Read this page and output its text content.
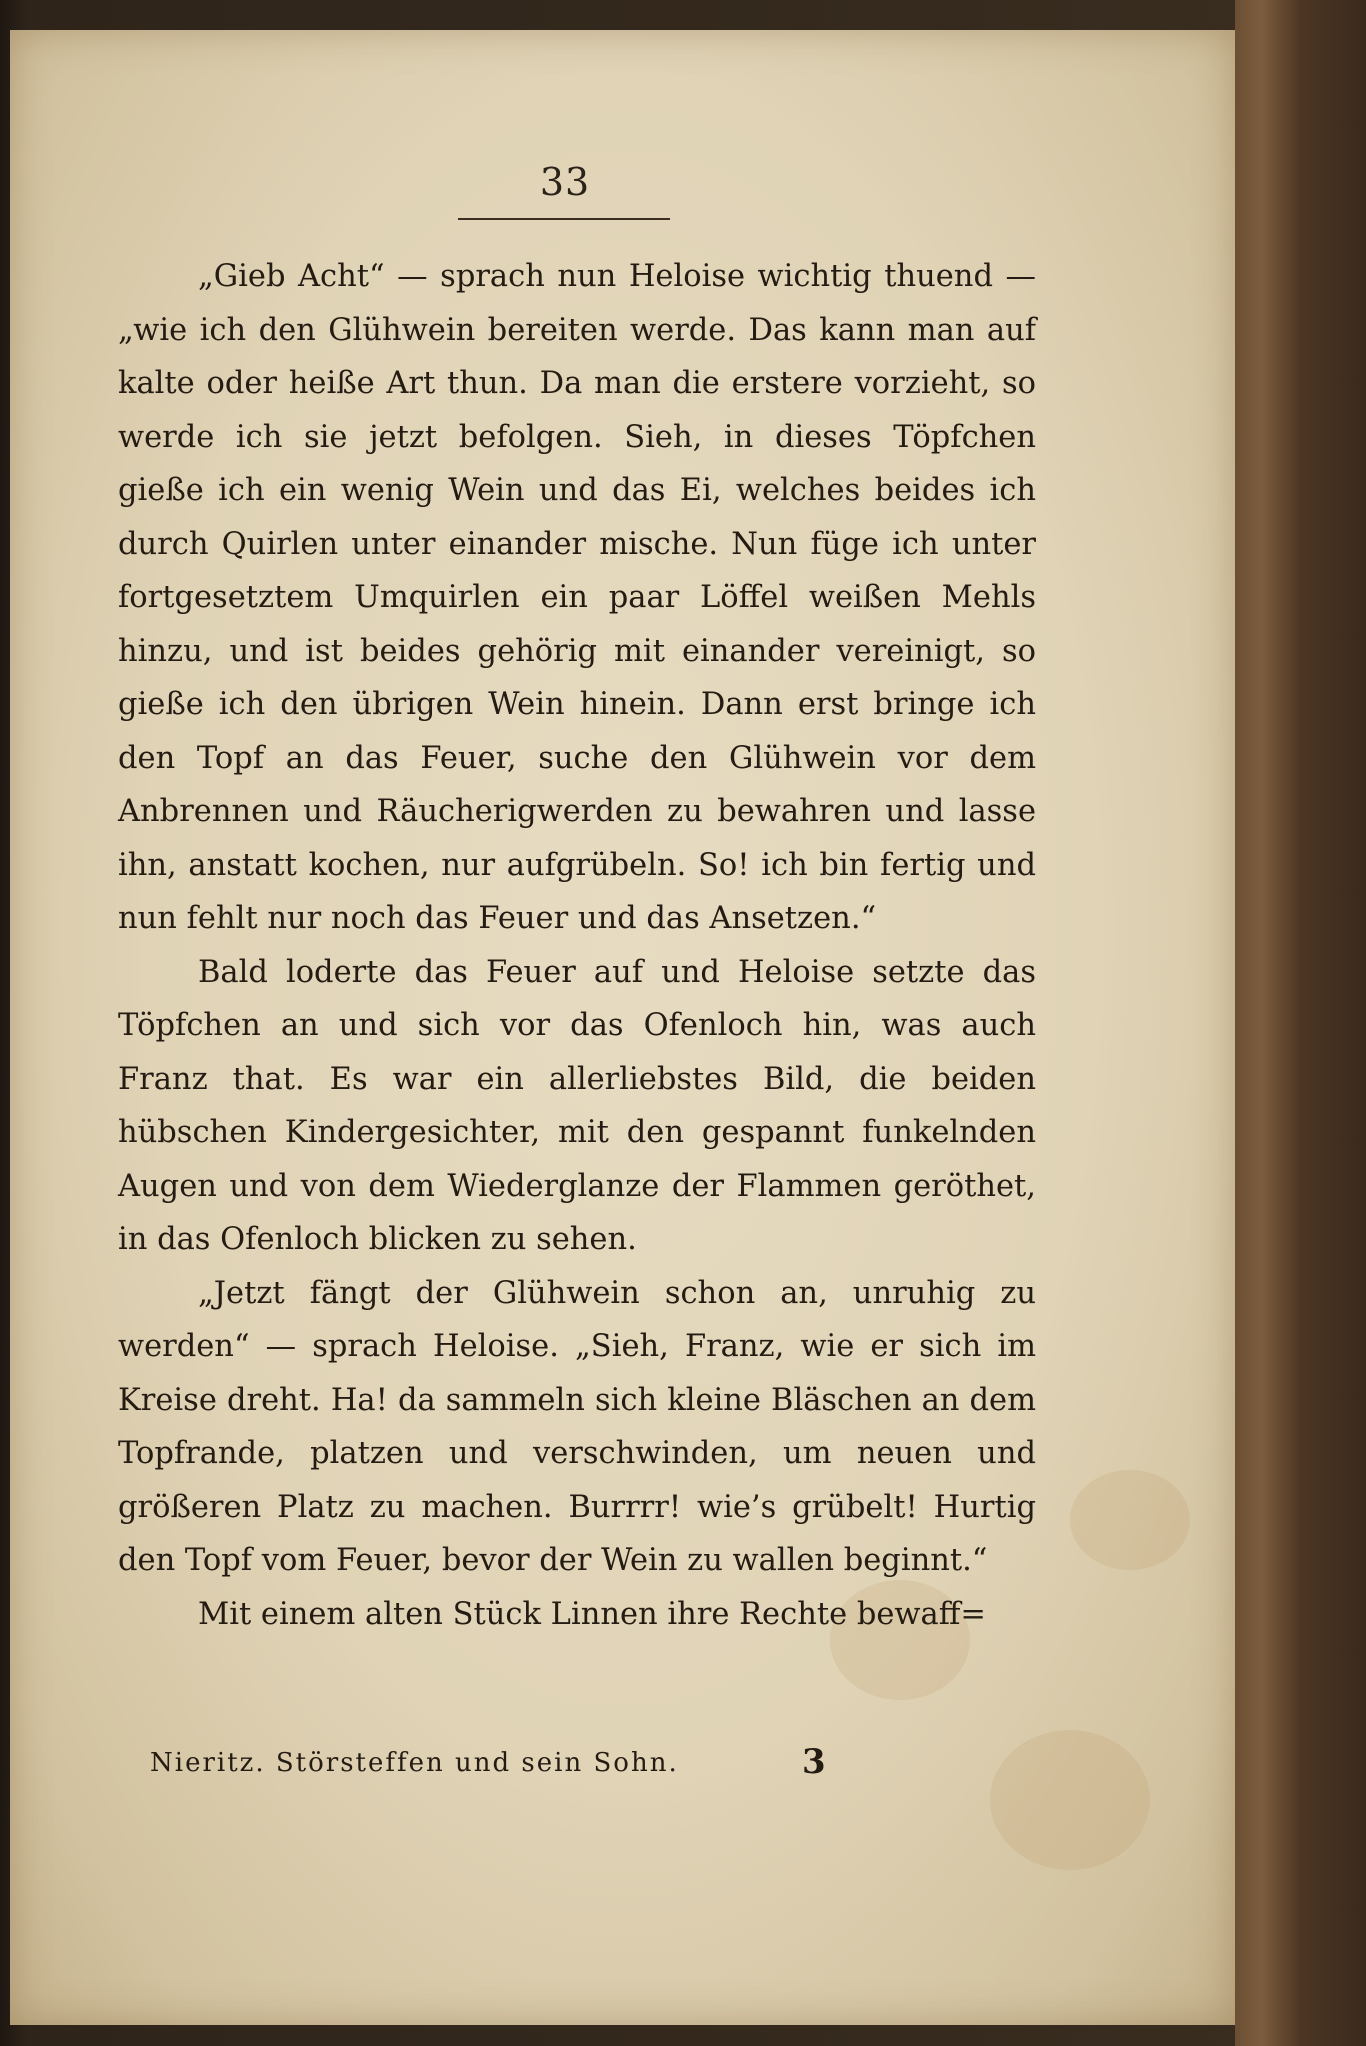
33

„Gieb Acht“ — sprach nun Heloise wichtig thuend — „wie ich den Glühwein bereiten werde. Das kann man auf kalte oder heiße Art thun. Da man die erstere vorzieht, so werde ich sie jetzt befolgen. Sieh, in dieses Töpfchen gieße ich ein wenig Wein und das Ei, welches beides ich durch Quirlen unter einander mische. Nun füge ich unter fortgesetztem Umquirlen ein paar Löffel weißen Mehls hinzu, und ist beides gehörig mit einander vereinigt, so gieße ich den übrigen Wein hinein. Dann erst bringe ich den Topf an das Feuer, suche den Glühwein vor dem Anbrennen und Räucherigwerden zu bewahren und lasse ihn, anstatt kochen, nur aufgrübeln. So! ich bin fertig und nun fehlt nur noch das Feuer und das Ansetzen.“

Bald loderte das Feuer auf und Heloise setzte das Töpfchen an und sich vor das Ofenloch hin, was auch Franz that. Es war ein allerliebstes Bild, die beiden hübschen Kindergesichter, mit den gespannt funkelnden Augen und von dem Wiederglanze der Flammen geröthet, in das Ofenloch blicken zu sehen.

„Jetzt fängt der Glühwein schon an, unruhig zu werden“ — sprach Heloise. „Sieh, Franz, wie er sich im Kreise dreht. Ha! da sammeln sich kleine Bläschen an dem Topfrande, platzen und verschwinden, um neuen und größeren Platz zu machen. Burrrr! wie’s grübelt! Hurtig den Topf vom Feuer, bevor der Wein zu wallen beginnt.“

Mit einem alten Stück Linnen ihre Rechte bewaff=

Nieritz. Störsteffen und sein Sohn.	3
